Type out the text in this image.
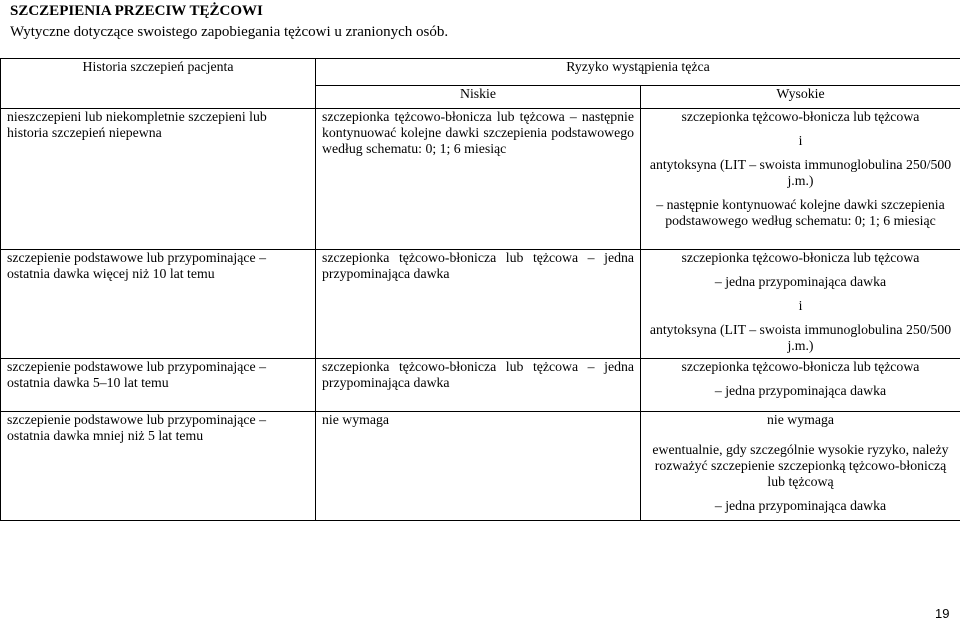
SZCZEPIENIA PRZECIW TĘŻCOWI
Wytyczne dotyczące swoistego zapobiegania tężcowi u zranionych osób.
Historia szczepień pacjenta	Ryzyko wystąpienia tężca	
	Niskie	Wysokie
nieszczepieni lub niekompletnie szczepieni lub historia szczepień niepewna	szczepionka tężcowo-błonicza lub tężcowa – następnie kontynuować kolejne dawki szczepienia podstawowego według schematu: 0; 1; 6 miesiąc	szczepionka tężcowo-błonicza lub tężcowa
i
antytoksyna (LIT – swoista immunoglobulina 250/500 j.m.)
– następnie kontynuować kolejne dawki szczepienia podstawowego według schematu: 0; 1; 6 miesiąc
szczepienie podstawowe lub przypominające – ostatnia dawka więcej niż 10 lat temu	szczepionka tężcowo-błonicza lub tężcowa – jedna przypominająca dawka	szczepionka tężcowo-błonicza lub tężcowa
– jedna przypominająca dawka
i
antytoksyna (LIT – swoista immunoglobulina 250/500 j.m.)
szczepienie podstawowe lub przypominające – ostatnia dawka 5–10 lat temu	szczepionka tężcowo-błonicza lub tężcowa – jedna przypominająca dawka	szczepionka tężcowo-błonicza lub tężcowa
– jedna przypominająca dawka
szczepienie podstawowe lub przypominające – ostatnia dawka mniej niż 5 lat temu	nie wymaga	nie wymaga
ewentualnie, gdy szczególnie wysokie ryzyko, należy rozważyć szczepienie szczepionką tężcowo-błoniczą lub tężcową
– jedna przypominająca dawka
19
